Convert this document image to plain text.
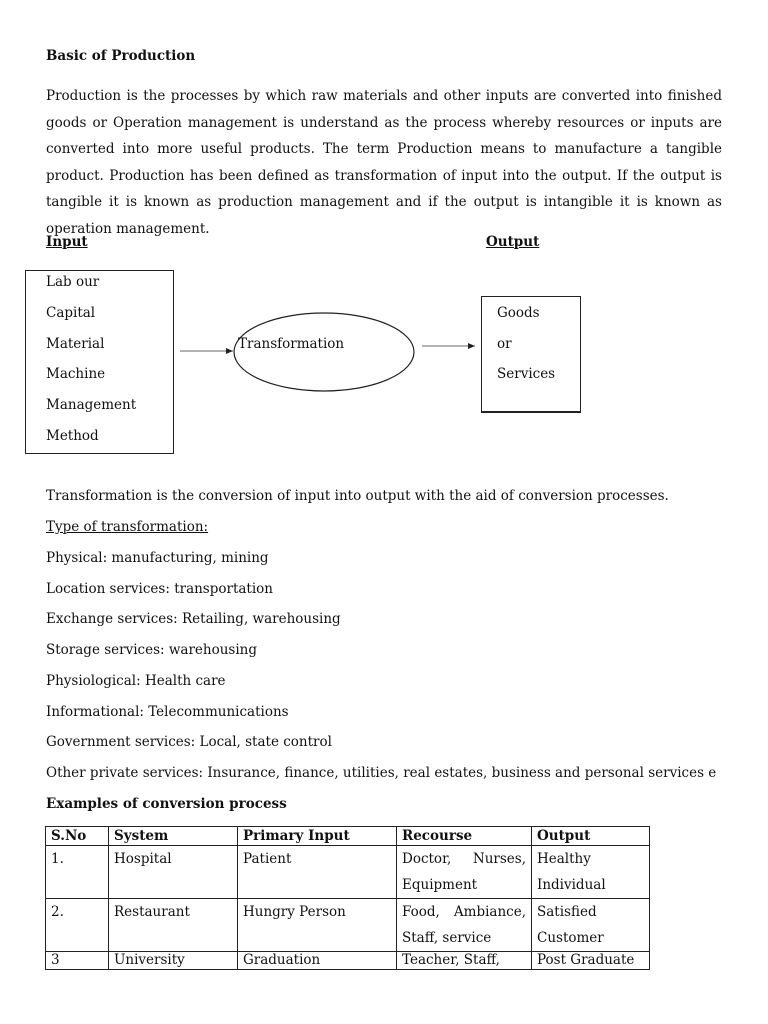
Basic of Production
Production is the processes by which raw materials and other inputs are converted into finished goods or Operation management is understand as the process whereby resources or inputs are converted into more useful products. The term Production means to manufacture a tangible product. Production has been defined as transformation of input into the output. If the output is tangible it is known as production management and if the output is intangible it is known as operation management.
Input	Output
Lab our
Capital
Material
Machine
Management
Method
Transformation
Goods
or
Services
Transformation is the conversion of input into output with the aid of conversion processes.
Type of transformation:
Physical: manufacturing, mining
Location services: transportation
Exchange services: Retailing, warehousing
Storage services: warehousing
Physiological: Health care
Informational: Telecommunications
Government services: Local, state control
Other private services: Insurance, finance, utilities, real estates, business and personal services e
Examples of conversion process
S.No	System	Primary Input	Recourse	Output
1.	Hospital	Patient	Doctor, Nurses, Equipment	Healthy Individual
2.	Restaurant	Hungry Person	Food, Ambiance, Staff, service	Satisfied Customer
3	University	Graduation	Teacher, Staff,	Post Graduate
